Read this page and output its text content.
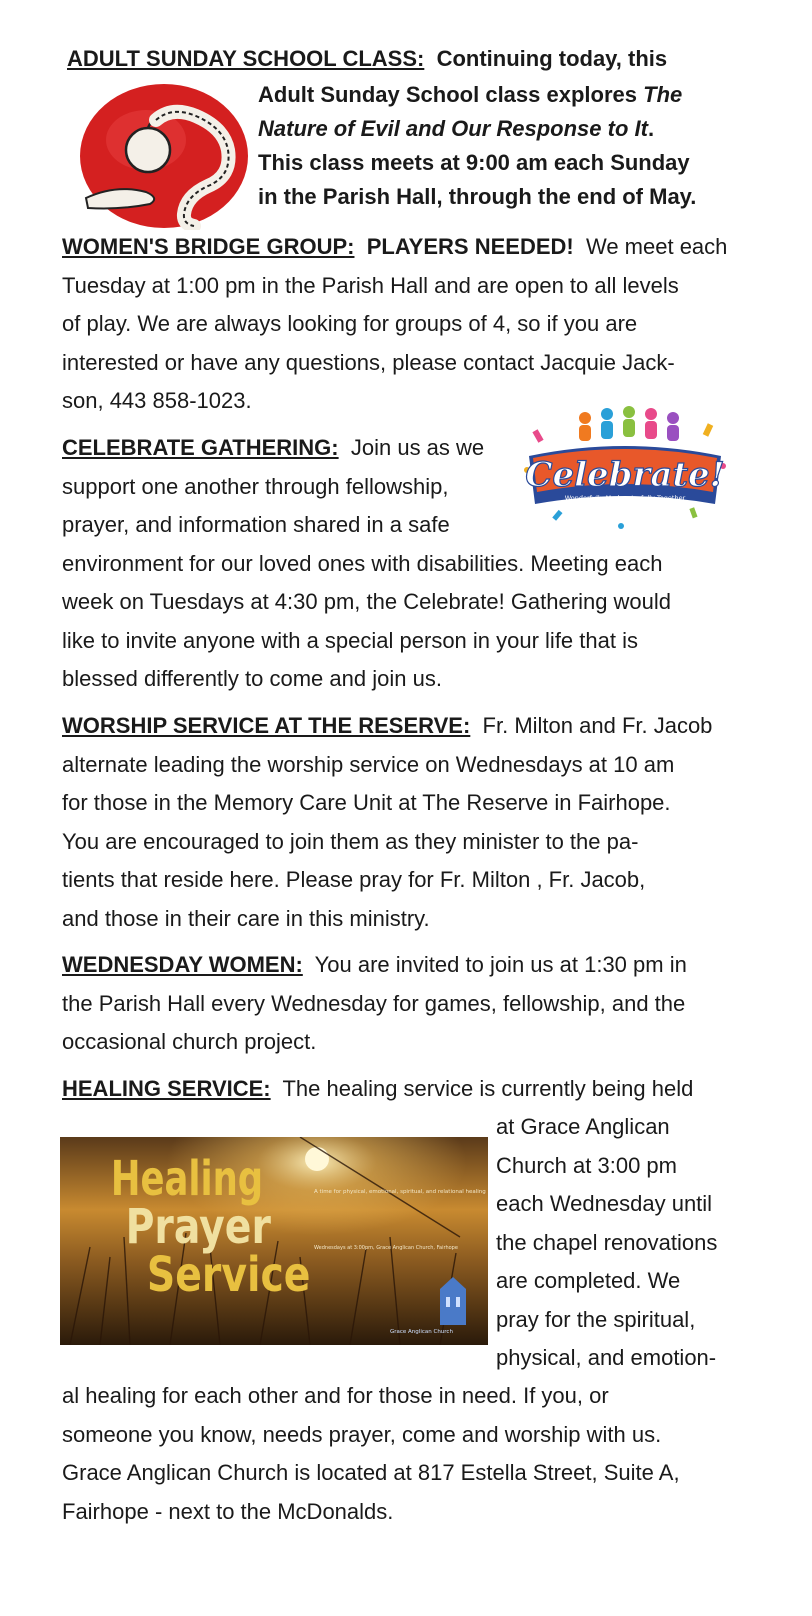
ADULT SUNDAY SCHOOL CLASS: Continuing today, this
Adult Sunday School class explores The
Nature of Evil and Our Response to It.
This class meets at 9:00 am each Sunday
in the Parish Hall, through the end of May.
WOMEN'S BRIDGE GROUP: PLAYERS NEEDED! We meet each
Tuesday at 1:00 pm in the Parish Hall and are open to all levels
of play. We are always looking for groups of 4, so if you are
interested or have any questions, please contact Jacquie Jack-
son, 443 858-1023.
CELEBRATE GATHERING: Join us as we
support one another through fellowship,
prayer, and information shared in a safe
environment for our loved ones with disabilities. Meeting each
week on Tuesdays at 4:30 pm, the Celebrate! Gathering would
like to invite anyone with a special person in your life that is
blessed differently to come and join us.
Celebrate!
Wonderfully Made • Joyfully Together
WORSHIP SERVICE AT THE RESERVE: Fr. Milton and Fr. Jacob
alternate leading the worship service on Wednesdays at 10 am
for those in the Memory Care Unit at The Reserve in Fairhope.
You are encouraged to join them as they minister to the pa-
tients that reside here. Please pray for Fr. Milton , Fr. Jacob,
and those in their care in this ministry.
WEDNESDAY WOMEN: You are invited to join us at 1:30 pm in
the Parish Hall every Wednesday for games, fellowship, and the
occasional church project.
HEALING SERVICE: The healing service is currently being held
at Grace Anglican
Church at 3:00 pm
each Wednesday until
the chapel renovations
are completed. We
pray for the spiritual,
physical, and emotion-
Healing
Prayer
Service
A time for physical, emotional, spiritual, and relational healing
Wednesdays at 3:00pm, Grace Anglican Church, Fairhope
Grace Anglican Church
al healing for each other and for those in need. If you, or
someone you know, needs prayer, come and worship with us.
Grace Anglican Church is located at 817 Estella Street, Suite A,
Fairhope - next to the McDonalds.
